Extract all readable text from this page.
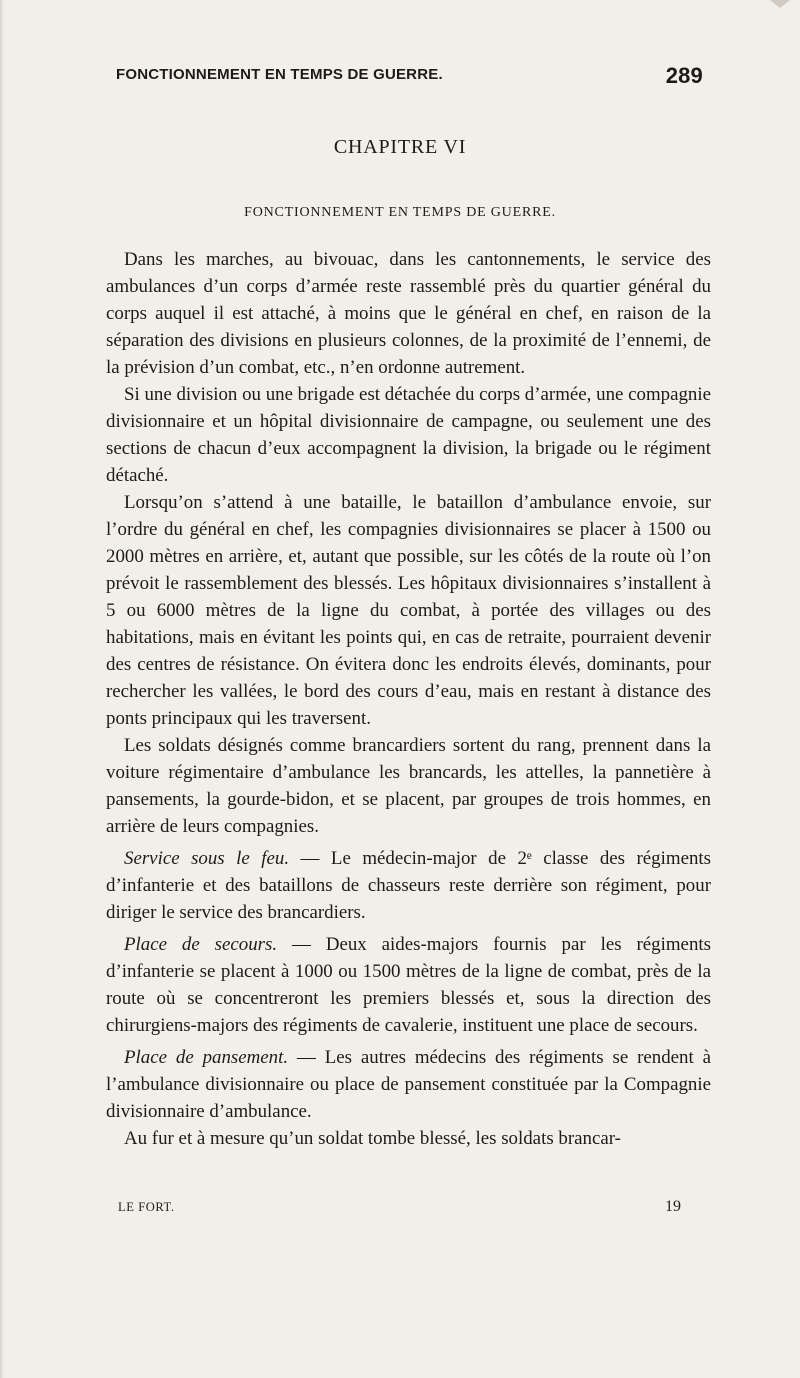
FONCTIONNEMENT EN TEMPS DE GUERRE.	289
CHAPITRE VI
FONCTIONNEMENT EN TEMPS DE GUERRE.

Dans les marches, au bivouac, dans les cantonnements, le service des ambulances d’un corps d’armée reste rassemblé près du quartier général du corps auquel il est attaché, à moins que le général en chef, en raison de la séparation des divisions en plusieurs colonnes, de la proximité de l’ennemi, de la prévision d’un combat, etc., n’en ordonne autrement.

Si une division ou une brigade est détachée du corps d’armée, une compagnie divisionnaire et un hôpital divisionnaire de campagne, ou seulement une des sections de chacun d’eux accompagnent la division, la brigade ou le régiment détaché.

Lorsqu’on s’attend à une bataille, le bataillon d’ambulance envoie, sur l’ordre du général en chef, les compagnies divisionnaires se placer à 1500 ou 2000 mètres en arrière, et, autant que possible, sur les côtés de la route où l’on prévoit le rassemblement des blessés. Les hôpitaux divisionnaires s’installent à 5 ou 6000 mètres de la ligne du combat, à portée des villages ou des habitations, mais en évitant les points qui, en cas de retraite, pourraient devenir des centres de résistance. On évitera donc les endroits élevés, dominants, pour rechercher les vallées, le bord des cours d’eau, mais en restant à distance des ponts principaux qui les traversent.

Les soldats désignés comme brancardiers sortent du rang, prennent dans la voiture régimentaire d’ambulance les brancards, les attelles, la pannetière à pansements, la gourde-bidon, et se placent, par groupes de trois hommes, en arrière de leurs compagnies.

Service sous le feu. — Le médecin-major de 2ᵉ classe des régiments d’infanterie et des bataillons de chasseurs reste derrière son régiment, pour diriger le service des brancardiers.

Place de secours. — Deux aides-majors fournis par les régiments d’infanterie se placent à 1000 ou 1500 mètres de la ligne de combat, près de la route où se concentreront les premiers blessés et, sous la direction des chirurgiens-majors des régiments de cavalerie, instituent une place de secours.

Place de pansement. — Les autres médecins des régiments se rendent à l’ambulance divisionnaire ou place de pansement constituée par la Compagnie divisionnaire d’ambulance.

Au fur et à mesure qu’un soldat tombe blessé, les soldats brancar-

LE FORT.	19
